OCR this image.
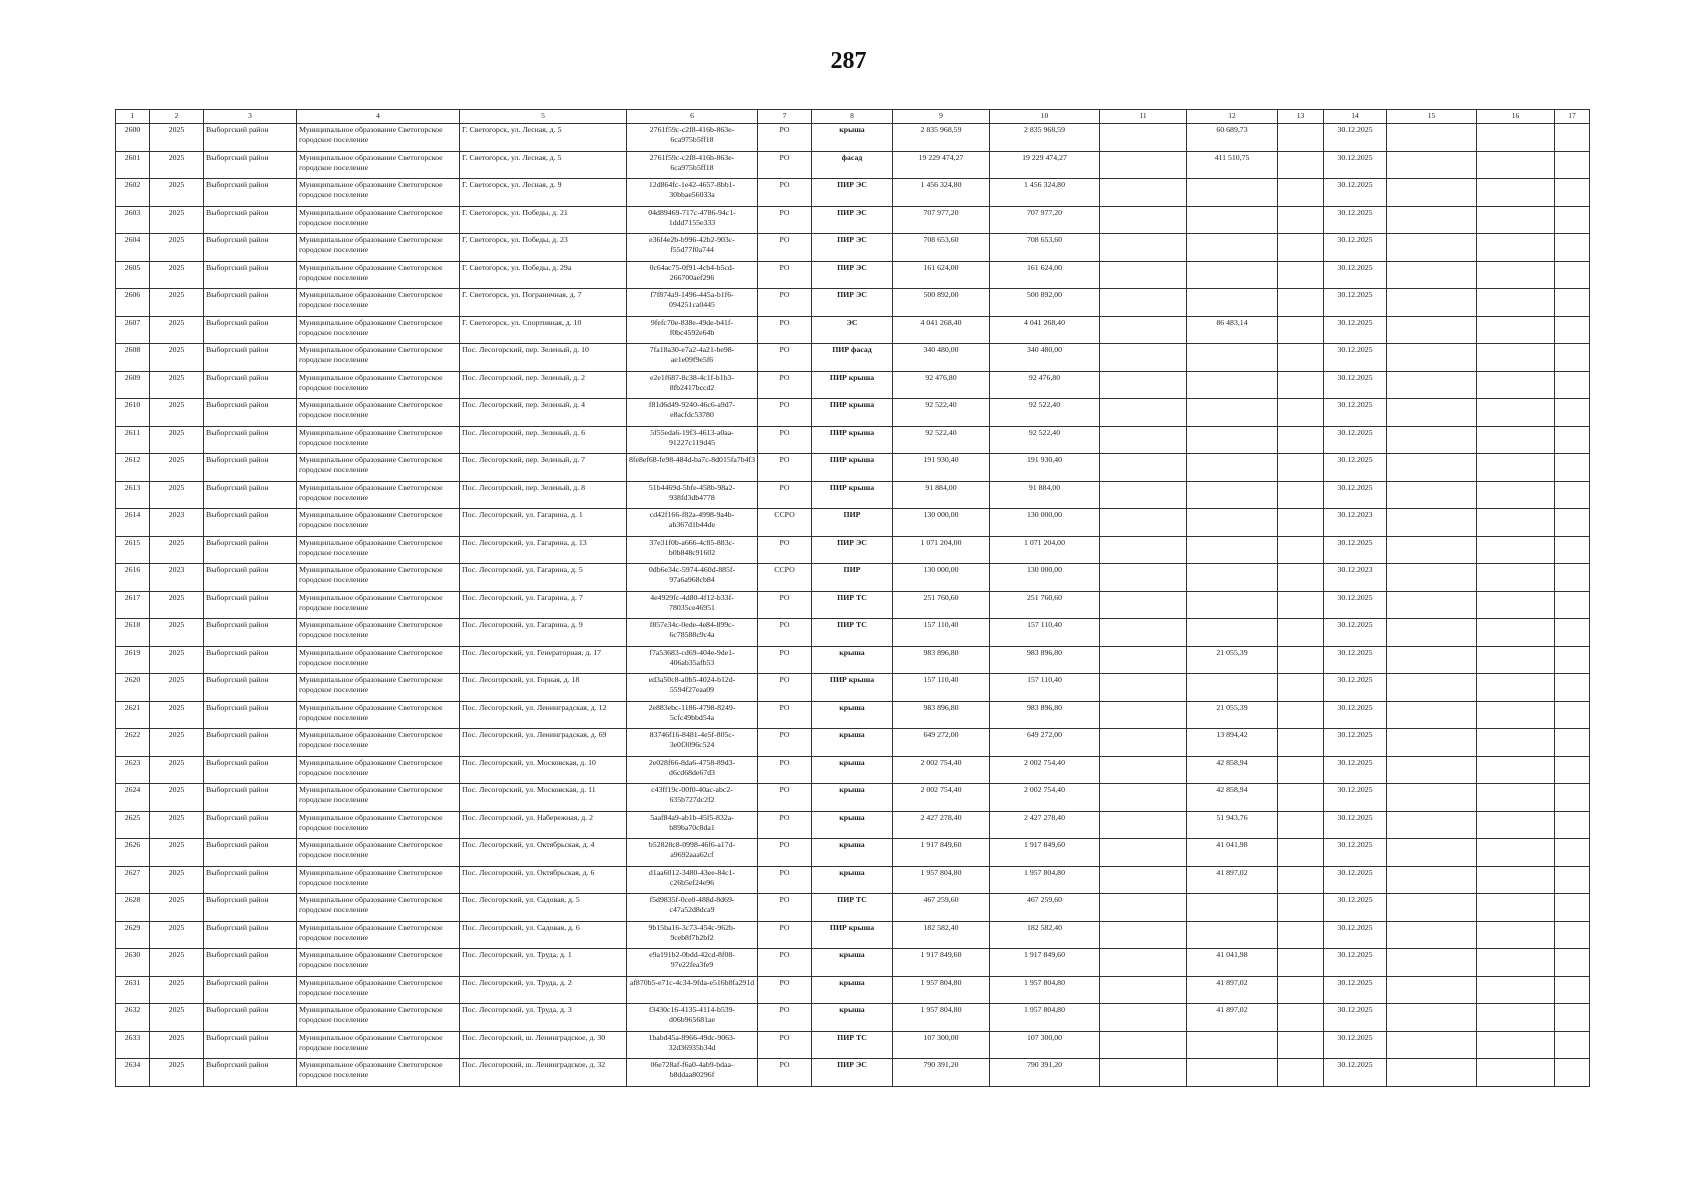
287
1	2	3	4	5	6	7	8	9	10	11	12	13	14	15	16	17
2600	2025	Выборгский район	Муниципальное образование Светогорское городское поселение	Г. Светогорск, ул. Лесная, д. 5	2761f59c-c2f8-416b-863e-6ca975b5ff18	РО	крыша	2 835 968,59	2 835 968,59		60 689,73		30.12.2025			
2601	2025	Выборгский район	Муниципальное образование Светогорское городское поселение	Г. Светогорск, ул. Лесная, д. 5	2761f59c-c2f8-416b-863e-6ca975b5ff18	РО	фасад	19 229 474,27	19 229 474,27		411 510,75		30.12.2025			
2602	2025	Выборгский район	Муниципальное образование Светогорское городское поселение	Г. Светогорск, ул. Лесная, д. 9	12d864fc-1e42-4657-8bb1-30bbae56033a	РО	ПИР ЭС	1 456 324,80	1 456 324,80				30.12.2025			
2603	2025	Выборгский район	Муниципальное образование Светогорское городское поселение	Г. Светогорск, ул. Победы, д. 21	04d89469-717c-4786-94c1-1ddd7155e333	РО	ПИР ЭС	707 977,20	707 977,20				30.12.2025			
2604	2025	Выборгский район	Муниципальное образование Светогорское городское поселение	Г. Светогорск, ул. Победы, д. 23	e36f4e2b-b996-42b2-903c-f55d77f0a744	РО	ПИР ЭС	708 653,60	708 653,60				30.12.2025			
2605	2025	Выборгский район	Муниципальное образование Светогорское городское поселение	Г. Светогорск, ул. Победы, д. 29а	0c64ac75-0f91-4cb4-b5cd-266700aef296	РО	ПИР ЭС	161 624,00	161 624,00				30.12.2025			
2606	2025	Выборгский район	Муниципальное образование Светогорское городское поселение	Г. Светогорск, ул. Пограничная, д. 7	f7f874a9-1496-445a-b1f6-094251ca0445	РО	ПИР ЭС	500 892,00	500 892,00				30.12.2025			
2607	2025	Выборгский район	Муниципальное образование Светогорское городское поселение	Г. Светогорск, ул. Спортивная, д. 10	9fefc70e-838e-49de-b41f-f0bc4592e64b	РО	ЭС	4 041 268,40	4 041 268,40		86 483,14		30.12.2025			
2608	2025	Выборгский район	Муниципальное образование Светогорское городское поселение	Пос. Лесогорский, пер. Зеленый, д. 10	7fa18a30-e7a2-4a21-be98-ae1e09f9e5f6	РО	ПИР фасад	340 480,00	340 480,00				30.12.2025			
2609	2025	Выборгский район	Муниципальное образование Светогорское городское поселение	Пос. Лесогорский, пер. Зеленый, д. 2	e2e1f687-8c38-4c1f-b1b3-8fb2417bccd2	РО	ПИР крыша	92 476,80	92 476,80				30.12.2025			
2610	2025	Выборгский район	Муниципальное образование Светогорское городское поселение	Пос. Лесогорский, пер. Зеленый, д. 4	f81d6d49-9240-46c6-a9d7-e8acfdc53780	РО	ПИР крыша	92 522,40	92 522,40				30.12.2025			
2611	2025	Выборгский район	Муниципальное образование Светогорское городское поселение	Пос. Лесогорский, пер. Зеленый, д. 6	5f55eda6-19f3-4613-a0aa-91227c119d45	РО	ПИР крыша	92 522,40	92 522,40				30.12.2025			
2612	2025	Выборгский район	Муниципальное образование Светогорское городское поселение	Пос. Лесогорский, пер. Зеленый, д. 7	8fe8ef68-fe98-484d-ba7c-8d015fa7b4f3	РО	ПИР крыша	191 930,40	191 930,40				30.12.2025			
2613	2025	Выборгский район	Муниципальное образование Светогорское городское поселение	Пос. Лесогорский, пер. Зеленый, д. 8	51b4469d-5bfe-458b-98a2-938fd3db4778	РО	ПИР крыша	91 884,00	91 884,00				30.12.2025			
2614	2023	Выборгский район	Муниципальное образование Светогорское городское поселение	Пос. Лесогорский, ул. Гагарина, д. 1	cd42f166-f82a-4998-9a4b-ab367d1b44de	ССРО	ПИР	130 000,00	130 000,00				30.12.2023			
2615	2025	Выборгский район	Муниципальное образование Светогорское городское поселение	Пос. Лесогорский, ул. Гагарина, д. 13	37e31f0b-a666-4c85-883c-b0b848c91602	РО	ПИР ЭС	1 071 204,00	1 071 204,00				30.12.2025			
2616	2023	Выборгский район	Муниципальное образование Светогорское городское поселение	Пос. Лесогорский, ул. Гагарина, д. 5	0db6e34c-5974-460d-885f-97a6a968cb84	ССРО	ПИР	130 000,00	130 000,00				30.12.2023			
2617	2025	Выборгский район	Муниципальное образование Светогорское городское поселение	Пос. Лесогорский, ул. Гагарина, д. 7	4e4929fc-4d80-4f12-b33f-78035ce46951	РО	ПИР ТС	251 760,60	251 760,60				30.12.2025			
2618	2025	Выборгский район	Муниципальное образование Светогорское городское поселение	Пос. Лесогорский, ул. Гагарина, д. 9	f857e34c-0ede-4e84-899c-6c78588c9c4a	РО	ПИР ТС	157 110,40	157 110,40				30.12.2025			
2619	2025	Выборгский район	Муниципальное образование Светогорское городское поселение	Пос. Лесогорский, ул. Генераторная, д. 17	f7a53683-cd69-404e-9de1-406ab35afb53	РО	крыша	983 896,80	983 896,80		21 055,39		30.12.2025			
2620	2025	Выборгский район	Муниципальное образование Светогорское городское поселение	Пос. Лесогорский, ул. Горная, д. 18	ed3a50c8-a0b5-4024-b12d-5594f27eaa09	РО	ПИР крыша	157 110,40	157 110,40				30.12.2025			
2621	2025	Выборгский район	Муниципальное образование Светогорское городское поселение	Пос. Лесогорский, ул. Ленинградская, д. 12	2e883ebc-1186-4798-8249-5cfc49bbd54a	РО	крыша	983 896,80	983 896,80		21 055,39		30.12.2025			
2622	2025	Выборгский район	Муниципальное образование Светогорское городское поселение	Пос. Лесогорский, ул. Ленинградская, д. 69	83746f16-8481-4e5f-805c-3e0f3096c524	РО	крыша	649 272,00	649 272,00		13 894,42		30.12.2025			
2623	2025	Выборгский район	Муниципальное образование Светогорское городское поселение	Пос. Лесогорский, ул. Московская, д. 10	2e028f66-8da6-4758-89d3-d6cd68de67d3	РО	крыша	2 002 754,40	2 002 754,40		42 858,94		30.12.2025			
2624	2025	Выборгский район	Муниципальное образование Светогорское городское поселение	Пос. Лесогорский, ул. Московская, д. 11	c43ff19c-00f0-40ac-abc2-635b727dc2f2	РО	крыша	2 002 754,40	2 002 754,40		42 858,94		30.12.2025			
2625	2025	Выборгский район	Муниципальное образование Светогорское городское поселение	Пос. Лесогорский, ул. Набережная, д. 2	5aaf84a9-ab1b-45f5-832a-b89ba70c8da1	РО	крыша	2 427 278,40	2 427 278,40		51 943,76		30.12.2025			
2626	2025	Выборгский район	Муниципальное образование Светогорское городское поселение	Пос. Лесогорский, ул. Октябрьская, д. 4	b52828c8-0998-46f6-a17d-a9692aaa62cf	РО	крыша	1 917 849,60	1 917 849,60		41 041,98		30.12.2025			
2627	2025	Выборгский район	Муниципальное образование Светогорское городское поселение	Пос. Лесогорский, ул. Октябрьская, д. 6	d1aa6012-3480-43ee-84c1-c26b5ef24e96	РО	крыша	1 957 804,80	1 957 804,80		41 897,02		30.12.2025			
2628	2025	Выборгский район	Муниципальное образование Светогорское городское поселение	Пос. Лесогорский, ул. Садовая, д. 5	f5d9835f-0ce0-488d-8d69-c47a52d8dca9	РО	ПИР ТС	467 259,60	467 259,60				30.12.2025			
2629	2025	Выборгский район	Муниципальное образование Светогорское городское поселение	Пос. Лесогорский, ул. Садовая, д. 6	9b15ba16-3c73-454c-962b-9ceb8f7b2bf2	РО	ПИР крыша	182 582,40	182 582,40				30.12.2025			
2630	2025	Выборгский район	Муниципальное образование Светогорское городское поселение	Пос. Лесогорский, ул. Труда, д. 1	e9a191b2-0bdd-42cd-8f08-97e22fea3fe9	РО	крыша	1 917 849,60	1 917 849,60		41 041,98		30.12.2025			
2631	2025	Выборгский район	Муниципальное образование Светогорское городское поселение	Пос. Лесогорский, ул. Труда, д. 2	af870b5-e71c-4c34-9fda-e516b8fa291d	РО	крыша	1 957 804,80	1 957 804,80		41 897,02		30.12.2025			
2632	2025	Выборгский район	Муниципальное образование Светогорское городское поселение	Пос. Лесогорский, ул. Труда, д. 3	f3430c16-4135-4114-b539-d06b965681ae	РО	крыша	1 957 804,80	1 957 804,80		41 897,02		30.12.2025			
2633	2025	Выборгский район	Муниципальное образование Светогорское городское поселение	Пос. Лесогорский, ш. Ленинградское, д. 30	1babd45a-8966-49dc-9063-32d36935b34d	РО	ПИР ТС	107 300,00	107 300,00				30.12.2025			
2634	2025	Выборгский район	Муниципальное образование Светогорское городское поселение	Пос. Лесогорский, ш. Ленинградское, д. 32	06e728af-f6a0-4ab9-bdaa-b8ddaa80296f	РО	ПИР ЭС	790 391,20	790 391,20				30.12.2025			
